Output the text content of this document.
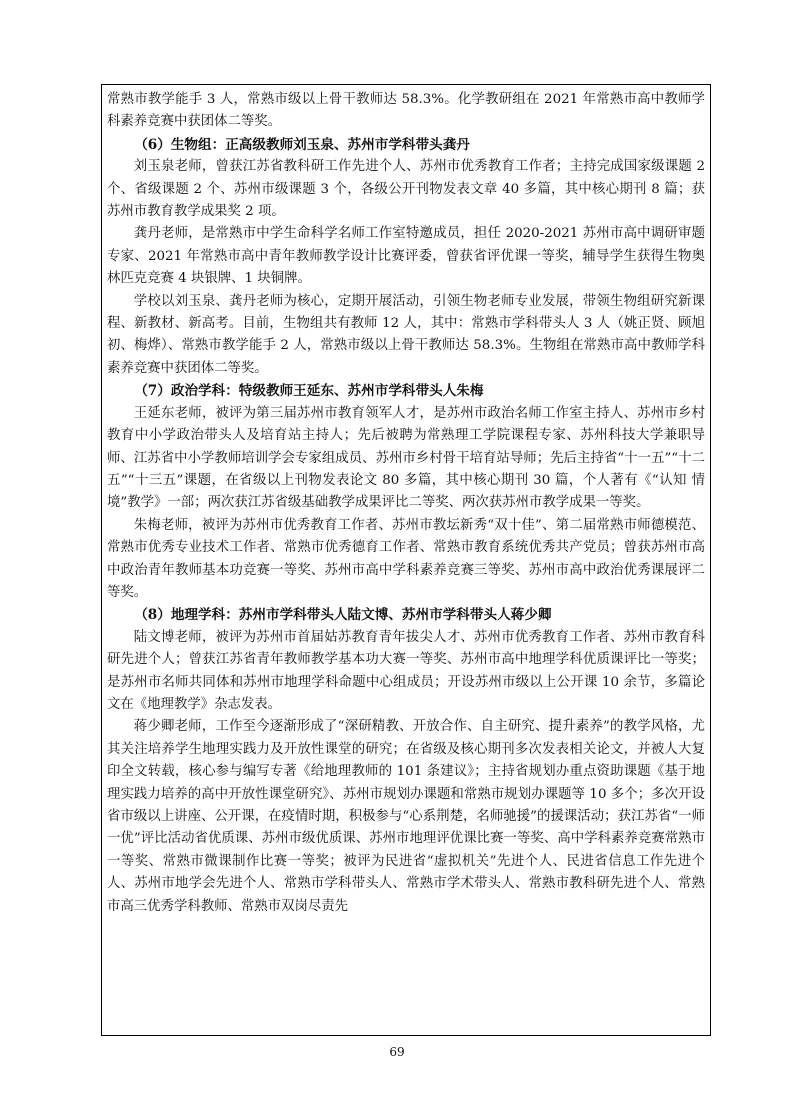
常熟市教学能手 3 人，常熟市级以上骨干教师达 58.3%。化学教研组在 2021 年常熟市高中教师学科素养竞赛中获团体二等奖。

（6）生物组：正高级教师刘玉泉、苏州市学科带头龚丹

刘玉泉老师，曾获江苏省教科研工作先进个人、苏州市优秀教育工作者；主持完成国家级课题 2 个、省级课题 2 个、苏州市级课题 3 个，各级公开刊物发表文章 40 多篇，其中核心期刊 8 篇；获苏州市教育教学成果奖 2 项。

龚丹老师，是常熟市中学生命科学名师工作室特邀成员，担任 2020-2021 苏州市高中调研审题专家、2021 年常熟市高中青年教师教学设计比赛评委，曾获省评优课一等奖，辅导学生获得生物奥林匹克竞赛 4 块银牌、1 块铜牌。

学校以刘玉泉、龚丹老师为核心，定期开展活动，引领生物老师专业发展，带领生物组研究新课程、新教材、新高考。目前，生物组共有教师 12 人，其中：常熟市学科带头人 3 人（姚正贤、顾旭初、梅烨）、常熟市教学能手 2 人，常熟市级以上骨干教师达 58.3%。生物组在常熟市高中教师学科素养竞赛中获团体二等奖。

（7）政治学科：特级教师王延东、苏州市学科带头人朱梅

王延东老师，被评为第三届苏州市教育领军人才，是苏州市政治名师工作室主持人、苏州市乡村教育中小学政治带头人及培育站主持人；先后被聘为常熟理工学院课程专家、苏州科技大学兼职导师、江苏省中小学教师培训学会专家组成员、苏州市乡村骨干培育站导师；先后主持省“十一五”“十二五”“十三五”课题，在省级以上刊物发表论文 80 多篇，其中核心期刊 30 篇，个人著有《“认知 情境”教学》一部；两次获江苏省级基础教学成果评比二等奖、两次获苏州市教学成果一等奖。

朱梅老师，被评为苏州市优秀教育工作者、苏州市教坛新秀“双十佳”、第二届常熟市师德模范、常熟市优秀专业技术工作者、常熟市优秀德育工作者、常熟市教育系统优秀共产党员；曾获苏州市高中政治青年教师基本功竞赛一等奖、苏州市高中学科素养竞赛三等奖、苏州市高中政治优秀课展评二等奖。

（8）地理学科：苏州市学科带头人陆文博、苏州市学科带头人蒋少卿

陆文博老师，被评为苏州市首届姑苏教育青年拔尖人才、苏州市优秀教育工作者、苏州市教育科研先进个人；曾获江苏省青年教师教学基本功大赛一等奖、苏州市高中地理学科优质课评比一等奖；是苏州市名师共同体和苏州市地理学科命题中心组成员；开设苏州市级以上公开课 10 余节，多篇论文在《地理教学》杂志发表。

蒋少卿老师，工作至今逐渐形成了“深研精教、开放合作、自主研究、提升素养”的教学风格，尤其关注培养学生地理实践力及开放性课堂的研究；在省级及核心期刊多次发表相关论文，并被人大复印全文转载，核心参与编写专著《给地理教师的 101 条建议》；主持省规划办重点资助课题《基于地理实践力培养的高中开放性课堂研究》、苏州市规划办课题和常熟市规划办课题等 10 多个；多次开设省市级以上讲座、公开课，在疫情时期，积极参与“心系荆楚，名师驰援”的援课活动；获江苏省“一师一优”评比活动省优质课、苏州市级优质课、苏州市地理评优课比赛一等奖、高中学科素养竞赛常熟市一等奖、常熟市微课制作比赛一等奖；被评为民进省“虚拟机关”先进个人、民进省信息工作先进个人、苏州市地学会先进个人、常熟市学科带头人、常熟市学术带头人、常熟市教科研先进个人、常熟市高三优秀学科教师、常熟市双岗尽责先

69
